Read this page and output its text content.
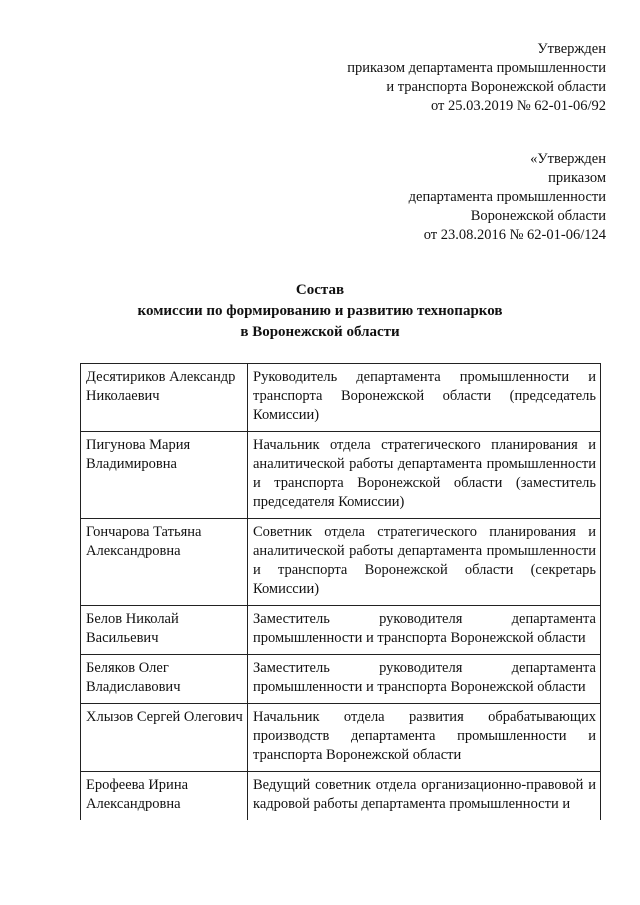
Утвержден
приказом департамента промышленности
и транспорта Воронежской области
от 25.03.2019 № 62-01-06/92
«Утвержден
приказом
департамента промышленности
Воронежской области
от 23.08.2016 № 62-01-06/124
Состав
комиссии по формированию и развитию технопарков
в Воронежской области
Десятириков Александр Николаевич	Руководитель департамента промышленности и транспорта Воронежской области (председатель Комиссии)
Пигунова Мария Владимировна	Начальник отдела стратегического планирования и аналитической работы департамента промышленности и транспорта Воронежской области (заместитель председателя Комиссии)
Гончарова Татьяна Александровна	Советник отдела стратегического планирования и аналитической работы департамента промышленности и транспорта Воронежской области (секретарь Комиссии)
Белов Николай Васильевич	Заместитель руководителя департамента промышленности и транспорта Воронежской области
Беляков Олег Владиславович	Заместитель руководителя департамента промышленности и транспорта Воронежской области
Хлызов Сергей Олегович	Начальник отдела развития обрабатывающих производств департамента промышленности и транспорта Воронежской области
Ерофеева Ирина Александровна	Ведущий советник отдела организационно-правовой и кадровой работы департамента промышленности и
